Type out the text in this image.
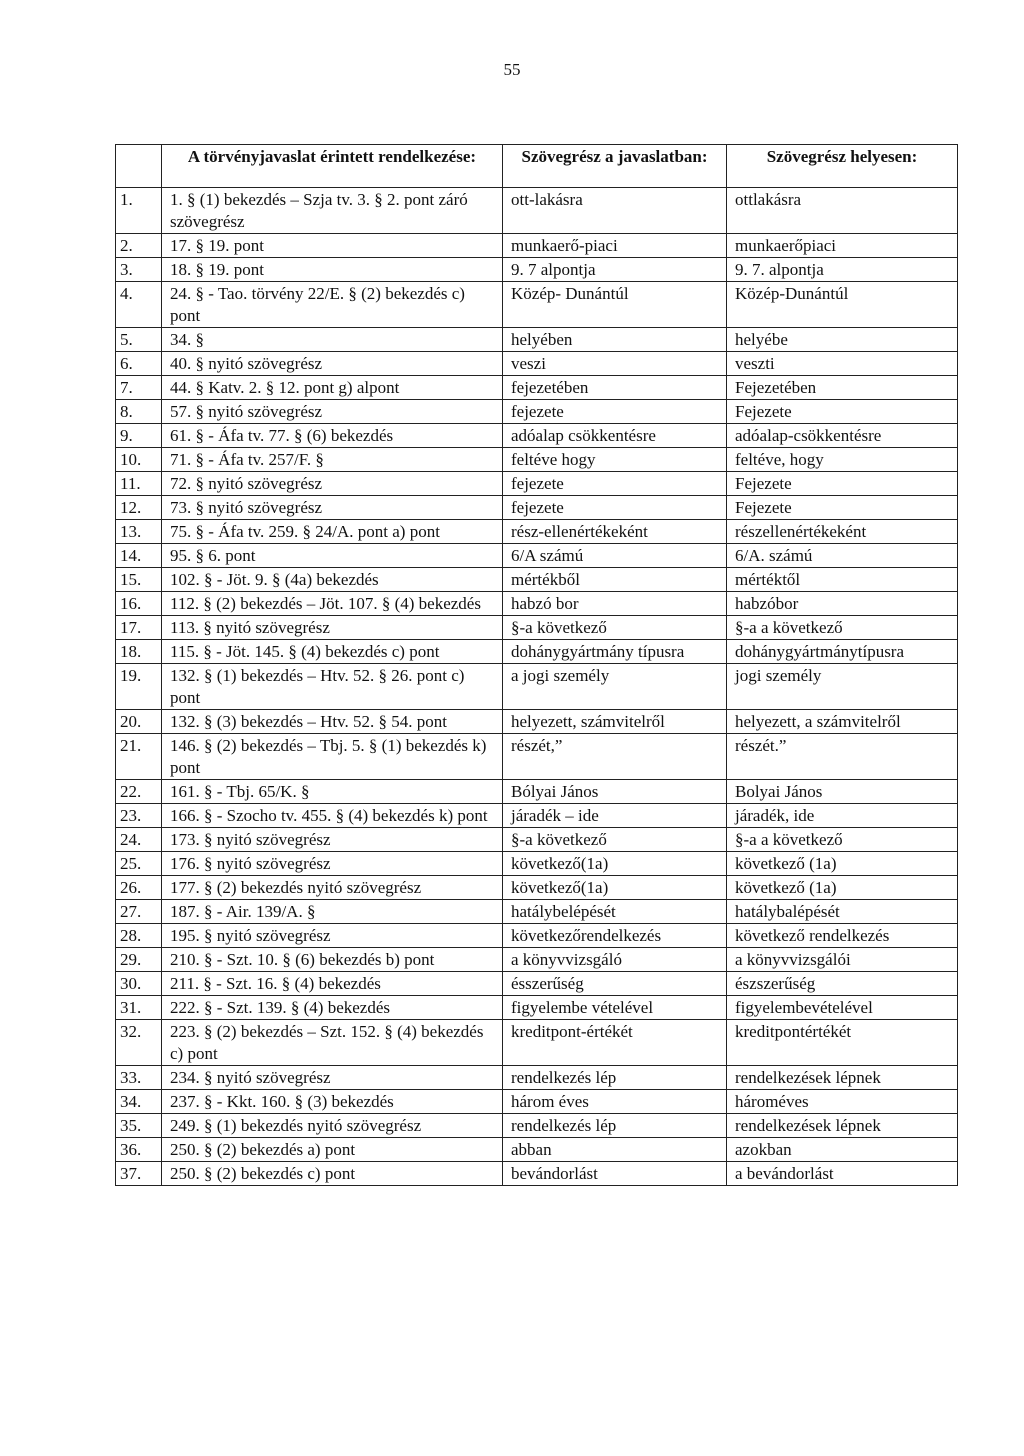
55
	A törvényjavaslat érintett rendelkezése:	Szövegrész a javaslatban:	Szövegrész helyesen:
1.	1. § (1) bekezdés – Szja tv. 3. § 2. pont záró szövegrész	ott-lakásra	ottlakásra
2.	17. § 19. pont	munkaerő-piaci	munkaerőpiaci
3.	18. § 19. pont	9. 7 alpontja	9. 7. alpontja
4.	24. § - Tao. törvény 22/E. § (2) bekezdés c) pont	Közép- Dunántúl	Közép-Dunántúl
5.	34. §	helyében	helyébe
6.	40. § nyitó szövegrész	veszi	veszti
7.	44. § Katv. 2. § 12. pont g) alpont	fejezetében	Fejezetében
8.	57. § nyitó szövegrész	fejezete	Fejezete
9.	61. § - Áfa tv. 77. § (6) bekezdés	adóalap csökkentésre	adóalap-csökkentésre
10.	71. § - Áfa tv. 257/F. §	feltéve hogy	feltéve, hogy
11.	72. § nyitó szövegrész	fejezete	Fejezete
12.	73. § nyitó szövegrész	fejezete	Fejezete
13.	75. § - Áfa tv. 259. § 24/A. pont a) pont	rész-ellenértékeként	részellenértékeként
14.	95. § 6. pont	6/A számú	6/A. számú
15.	102. § - Jöt. 9. § (4a) bekezdés	mértékből	mértéktől
16.	112. § (2) bekezdés – Jöt. 107. § (4) bekezdés	habzó bor	habzóbor
17.	113. § nyitó szövegrész	§-a következő	§-a a következő
18.	115. § - Jöt. 145. § (4) bekezdés c) pont	dohánygyártmány típusra	dohánygyártmánytípusra
19.	132. § (1) bekezdés – Htv. 52. § 26. pont c) pont	a jogi személy	jogi személy
20.	132. § (3) bekezdés – Htv. 52. § 54. pont	helyezett, számvitelről	helyezett, a számvitelről
21.	146. § (2) bekezdés – Tbj. 5. § (1) bekezdés k) pont	részét,”	részét.”
22.	161. § - Tbj. 65/K. §	Bólyai János	Bolyai János
23.	166. § - Szocho tv. 455. § (4) bekezdés k) pont	járadék – ide	járadék, ide
24.	173. § nyitó szövegrész	§-a következő	§-a a következő
25.	176. § nyitó szövegrész	következő(1a)	következő (1a)
26.	177. § (2) bekezdés nyitó szövegrész	következő(1a)	következő (1a)
27.	187. § - Air. 139/A. §	hatálybelépését	hatálybalépését
28.	195. § nyitó szövegrész	következőrendelkezés	következő rendelkezés
29.	210. § - Szt. 10. § (6) bekezdés b) pont	a könyvvizsgáló	a könyvvizsgálói
30.	211. § - Szt. 16. § (4) bekezdés	ésszerűség	észszerűség
31.	222. § - Szt. 139. § (4) bekezdés	figyelembe vételével	figyelembevételével
32.	223. § (2) bekezdés – Szt. 152. § (4) bekezdés c) pont	kreditpont-értékét	kreditpontértékét
33.	234. § nyitó szövegrész	rendelkezés lép	rendelkezések lépnek
34.	237. § - Kkt. 160. § (3) bekezdés	három éves	hároméves
35.	249. § (1) bekezdés nyitó szövegrész	rendelkezés lép	rendelkezések lépnek
36.	250. § (2) bekezdés a) pont	abban	azokban
37.	250. § (2) bekezdés c) pont	bevándorlást	a bevándorlást
